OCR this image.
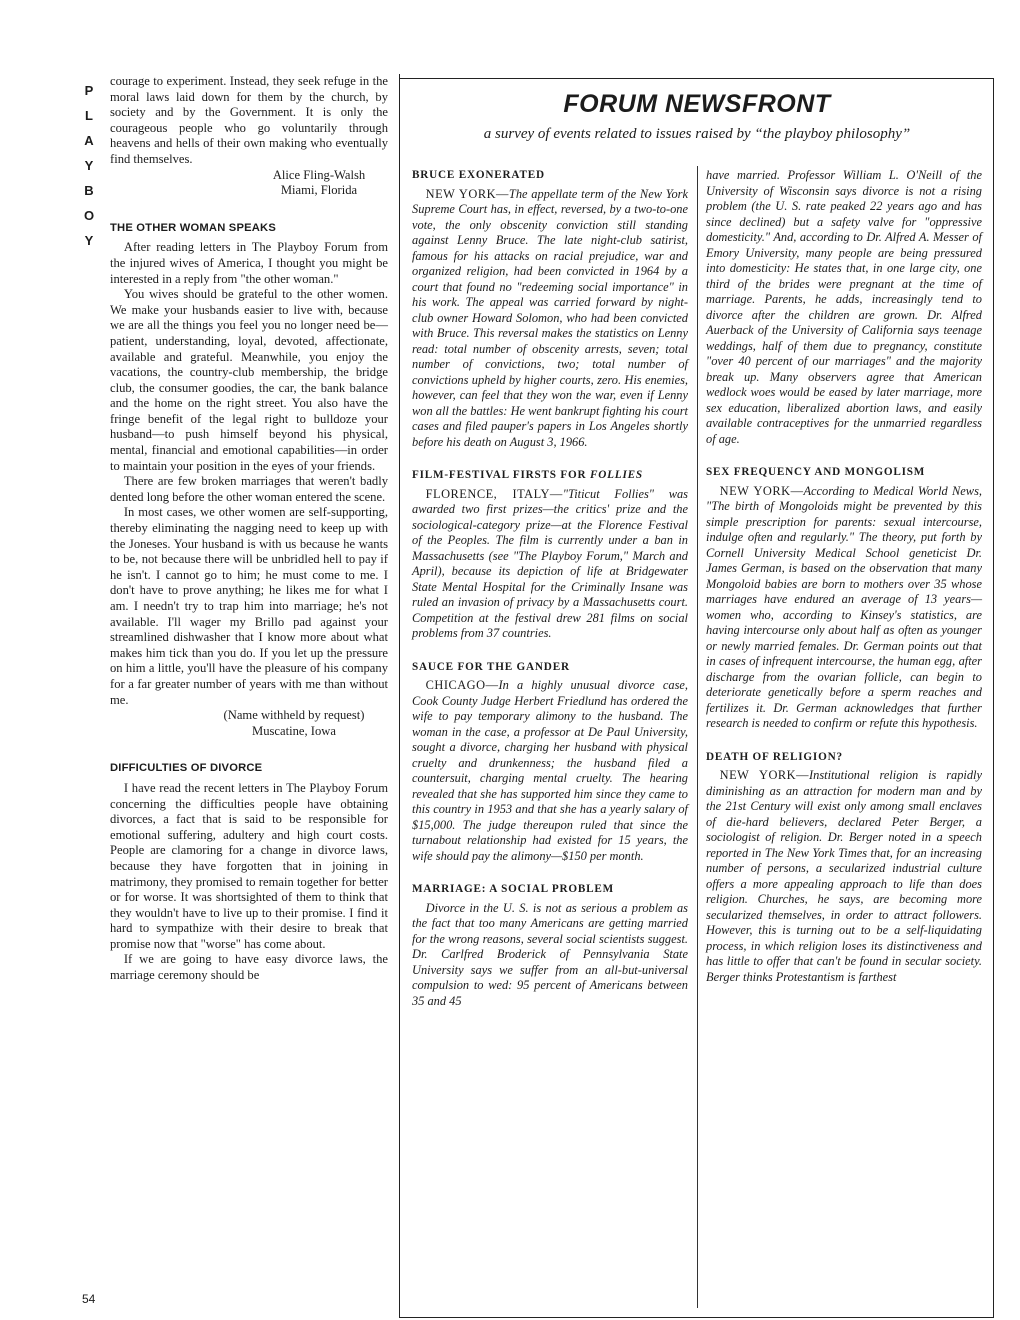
P
L
A
Y
B
O
Y
54

courage to experiment. Instead, they seek refuge in the moral laws laid down for them by the church, by society and by the Government. It is only the courageous people who go voluntarily through heavens and hells of their own making who eventually find themselves.

Alice Fling-Walsh
Miami, Florida
THE OTHER WOMAN SPEAKS

After reading letters in The Playboy Forum from the injured wives of America, I thought you might be interested in a reply from "the other woman."

You wives should be grateful to the other women. We make your husbands easier to live with, because we are all the things you feel you no longer need be—patient, understanding, loyal, devoted, affectionate, available and grateful. Meanwhile, you enjoy the vacations, the country-club membership, the bridge club, the consumer goodies, the car, the bank balance and the home on the right street. You also have the fringe benefit of the legal right to bulldoze your husband—to push himself beyond his physical, mental, financial and emotional capabilities—in order to maintain your position in the eyes of your friends.

There are few broken marriages that weren't badly dented long before the other woman entered the scene.

In most cases, we other women are self-supporting, thereby eliminating the nagging need to keep up with the Joneses. Your husband is with us because he wants to be, not because there will be unbridled hell to pay if he isn't. I cannot go to him; he must come to me. I don't have to prove anything; he likes me for what I am. I needn't try to trap him into marriage; he's not available. I'll wager my Brillo pad against your streamlined dishwasher that I know more about what makes him tick than you do. If you let up the pressure on him a little, you'll have the pleasure of his company for a far greater number of years with me than without me.

(Name withheld by request)
Muscatine, Iowa
DIFFICULTIES OF DIVORCE

I have read the recent letters in The Playboy Forum concerning the difficulties people have obtaining divorces, a fact that is said to be responsible for emotional suffering, adultery and high court costs. People are clamoring for a change in divorce laws, because they have forgotten that in joining in matrimony, they promised to remain together for better or for worse. It was shortsighted of them to think that they wouldn't have to live up to their promise. I find it hard to sympathize with their desire to break that promise now that "worse" has come about.

If we are going to have easy divorce laws, the marriage ceremony should be

FORUM NEWSFRONT

a survey of events related to issues raised by “the playboy philosophy”

BRUCE EXONERATED

NEW YORK—The appellate term of the New York Supreme Court has, in effect, reversed, by a two-to-one vote, the only obscenity conviction still standing against Lenny Bruce. The late night-club satirist, famous for his attacks on racial prejudice, war and organized religion, had been convicted in 1964 by a court that found no "redeeming social importance" in his work. The appeal was carried forward by night-club owner Howard Solomon, who had been convicted with Bruce. This reversal makes the statistics on Lenny read: total number of obscenity arrests, seven; total number of convictions, two; total number of convictions upheld by higher courts, zero. His enemies, however, can feel that they won the war, even if Lenny won all the battles: He went bankrupt fighting his court cases and filed pauper's papers in Los Angeles shortly before his death on August 3, 1966.

FILM-FESTIVAL FIRSTS FOR FOLLIES

FLORENCE, ITALY—"Titicut Follies" was awarded two first prizes—the critics' prize and the sociological-category prize—at the Florence Festival of the Peoples. The film is currently under a ban in Massachusetts (see "The Playboy Forum," March and April), because its depiction of life at Bridgewater State Mental Hospital for the Criminally Insane was ruled an invasion of privacy by a Massachusetts court. Competition at the festival drew 281 films on social problems from 37 countries.

SAUCE FOR THE GANDER

CHICAGO—In a highly unusual divorce case, Cook County Judge Herbert Friedlund has ordered the wife to pay temporary alimony to the husband. The woman in the case, a professor at De Paul University, sought a divorce, charging her husband with physical cruelty and drunkenness; the husband filed a countersuit, charging mental cruelty. The hearing revealed that she has supported him since they came to this country in 1953 and that she has a yearly salary of $15,000. The judge thereupon ruled that since the turnabout relationship had existed for 15 years, the wife should pay the alimony—$150 per month.

MARRIAGE: A SOCIAL PROBLEM

Divorce in the U. S. is not as serious a problem as the fact that too many Americans are getting married for the wrong reasons, several social scientists suggest. Dr. Carlfred Broderick of Pennsylvania State University says we suffer from an all-but-universal compulsion to wed: 95 percent of Americans between 35 and 45

have married. Professor William L. O'Neill of the University of Wisconsin says divorce is not a rising problem (the U. S. rate peaked 22 years ago and has since declined) but a safety valve for "oppressive domesticity." And, according to Dr. Alfred A. Messer of Emory University, many people are being pressured into domesticity: He states that, in one large city, one third of the brides were pregnant at the time of marriage. Parents, he adds, increasingly tend to divorce after the children are grown. Dr. Alfred Auerback of the University of California says teenage weddings, half of them due to pregnancy, constitute "over 40 percent of our marriages" and the majority break up. Many observers agree that American wedlock woes would be eased by later marriage, more sex education, liberalized abortion laws, and easily available contraceptives for the unmarried regardless of age.

SEX FREQUENCY AND MONGOLISM

NEW YORK—According to Medical World News, "The birth of Mongoloids might be prevented by this simple prescription for parents: sexual intercourse, indulge often and regularly." The theory, put forth by Cornell University Medical School geneticist Dr. James German, is based on the observation that many Mongoloid babies are born to mothers over 35 whose marriages have endured an average of 13 years—women who, according to Kinsey's statistics, are having intercourse only about half as often as younger or newly married females. Dr. German points out that in cases of infrequent intercourse, the human egg, after discharge from the ovarian follicle, can begin to deteriorate genetically before a sperm reaches and fertilizes it. Dr. German acknowledges that further research is needed to confirm or refute this hypothesis.

DEATH OF RELIGION?

NEW YORK—Institutional religion is rapidly diminishing as an attraction for modern man and by the 21st Century will exist only among small enclaves of die-hard believers, declared Peter Berger, a sociologist of religion. Dr. Berger noted in a speech reported in The New York Times that, for an increasing number of persons, a secularized industrial culture offers a more appealing approach to life than does religion. Churches, he says, are becoming more secularized themselves, in order to attract followers. However, this is turning out to be a self-liquidating process, in which religion loses its distinctiveness and has little to offer that can't be found in secular society. Berger thinks Protestantism is farthest
